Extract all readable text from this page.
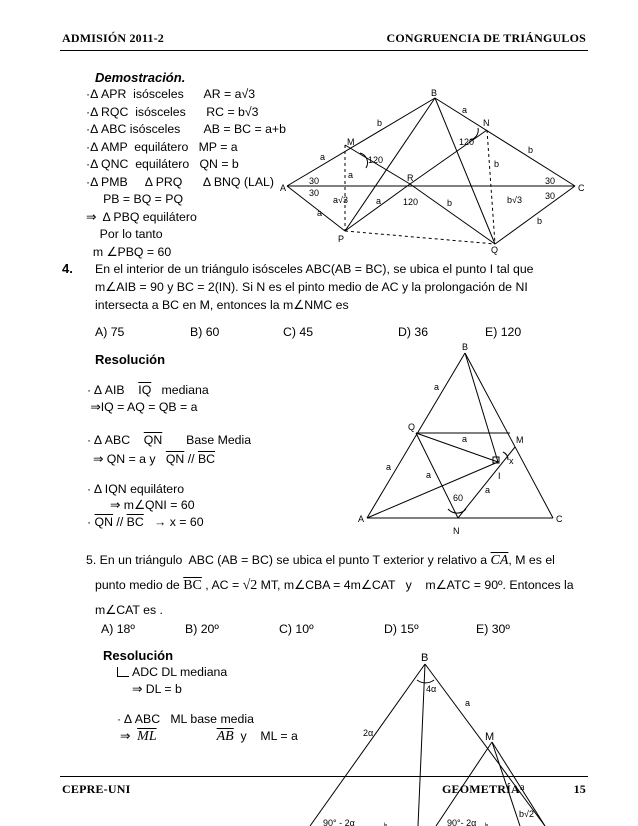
ADMISIÓN 2011-2	CONGRUENCIA DE TRIÁNGULOS
Demostración.
·Δ APR  isósceles      AR = a√3
·Δ RQC  isósceles      RC = b√3
·Δ ABC isósceles       AB = BC = a+b
·Δ AMP  equilátero   MP = a
·Δ QNC  equilátero   QN = b
·Δ PMB     Δ PRQ      Δ BNQ (LAL)
PB = BQ = PQ
⇒  Δ PBQ equilátero
Por lo tanto
m ∠PBQ = 60
B
A	C
M
N
R
P
Q
a
b
a
b
b
a
a	b
a
b
120
120
120
30
30
30
30
a√3	b√3
4. En el interior de un triángulo isósceles ABC(AB = BC), se ubica el punto I tal que
m∠AIB = 90 y BC = 2(IN). Si N es el pinto medio de AC y la prolongación de NI
intersecta a BC en M, entonces la m∠NMC es
A) 75	B) 60	C) 45	D) 36	E) 120
Resolución
· Δ AIB $\overline{IQ}$ mediana
⇒IQ = AQ = QB = a
· Δ ABC $\overline{QN}$ Base Media
⇒ QN = a y $\overline{QN} // \overline{BC}$
· Δ IQN equilátero
⇒ m∠QNI = 60
· $\overline{QN} // \overline{BC} \to x = 60$
B
Q
M
A	C
N
I
a
a
a
a
a
x
60
5. En un triángulo  ABC (AB = BC) se ubica el punto T exterior y relativo a $\overline{CA}$, M es el
punto medio de $\overline{BC}$ , AC = √2 MT, m∠CBA = 4m∠CAT   y    m∠ATC = 90º. Entonces la
m∠CAT es .
A) 18º	B) 20º	C) 10º	D) 15º	E) 30º
Resolución
ADC DL mediana
⇒ DL = b
· Δ ABC   ML base media
⇒ $\overline{ML}$	$\overline{AB}$  y    ML = a
B
M
4α
a
2α
b√2
90° - 2α	90°- 2α
ь	ь
CEPRE-UNI	GEOMETRÍA a	15
